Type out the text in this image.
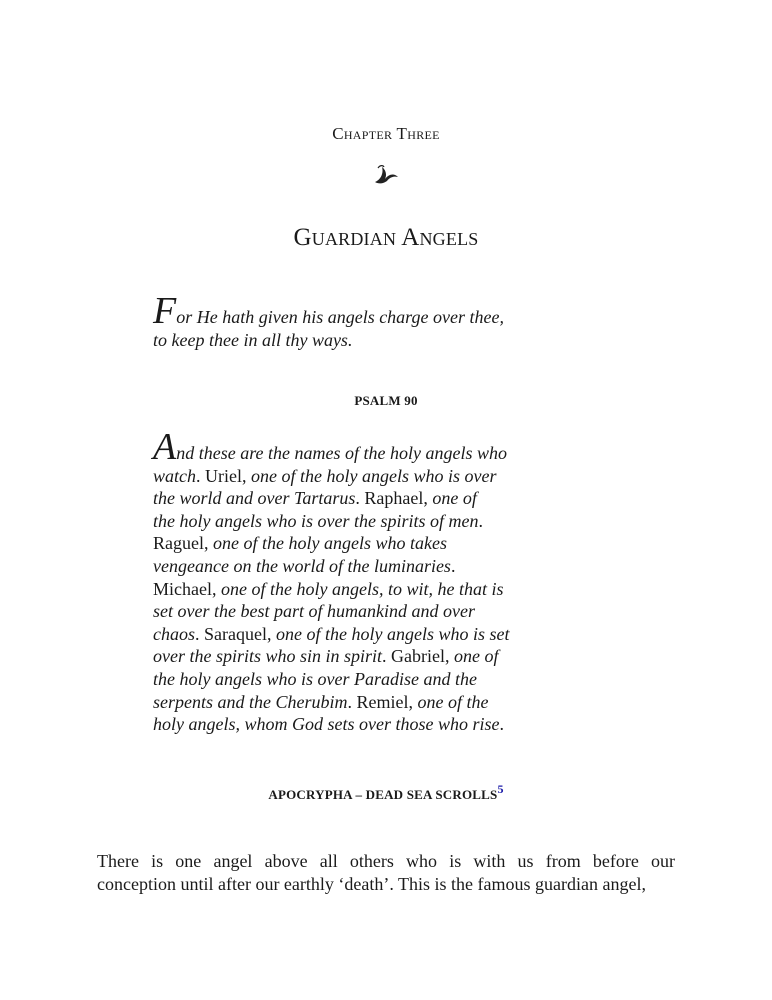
Chapter Three
Guardian Angels
For He hath given his angels charge over thee,
to keep thee in all thy ways.
PSALM 90
And these are the names of the holy angels who
watch. Uriel, one of the holy angels who is over
the world and over Tartarus. Raphael, one of
the holy angels who is over the spirits of men.
Raguel, one of the holy angels who takes
vengeance on the world of the luminaries.
Michael, one of the holy angels, to wit, he that is
set over the best part of humankind and over
chaos. Saraquel, one of the holy angels who is set
over the spirits who sin in spirit. Gabriel, one of
the holy angels who is over Paradise and the
serpents and the Cherubim. Remiel, one of the
holy angels, whom God sets over those who rise.
APOCRYPHA – DEAD SEA SCROLLS5
There is one angel above all others who is with us from before our
conception until after our earthly ‘death’. This is the famous guardian angel,
